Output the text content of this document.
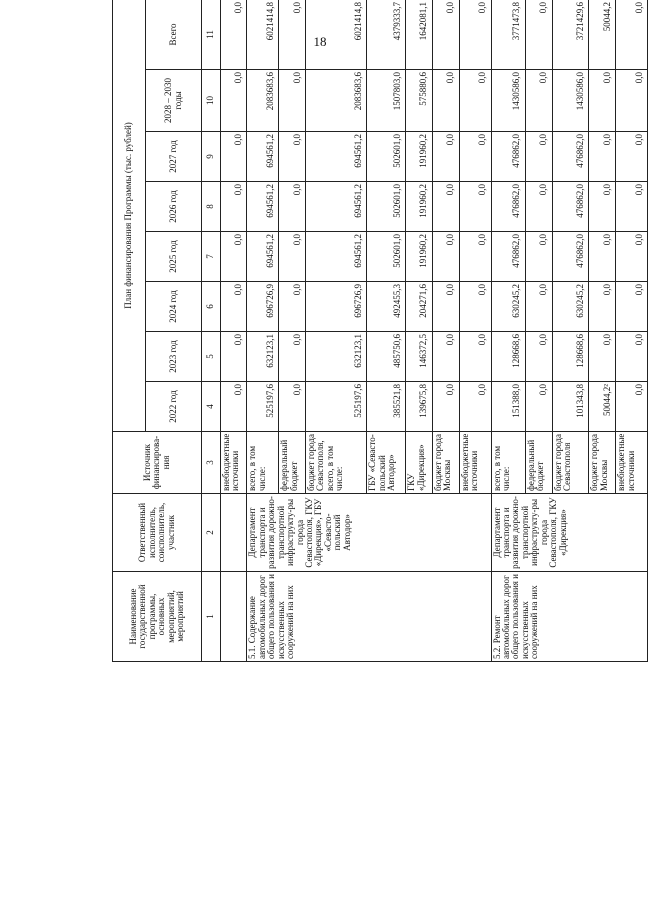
18
Наименование государственной программы, основных мероприятий, мероприятий	Ответственный исполнитель, соисполнитель, участник	Источник финансирова-ния	План финансирования Программы (тыс. рублей)							
			2022 год	2023 год	2024 год	2025 год	2026 год	2027 год	2028 – 2030 годы	Всего
1	2	3	4	5	6	7	8	9	10	11
		внебюджетные источники	0,0	0,0	0,0	0,0	0,0	0,0	0,0	0,0
5.1. Содержание автомобильных дорог общего пользования и искусственных сооружений на них	Департамент транспорта и развития дорожно-транспортной инфраструкту-ры города Севастополя, ГКУ «Дирекция», ГБУ «Севасто-польский Автодор»	всего, в том числе:	525197,6	632123,1	696726,9	694561,2	694561,2	694561,2	2083683,6	6021414,8
		федеральный бюджет	0,0	0,0	0,0	0,0	0,0	0,0	0,0	0,0
		бюджет города Севастополя, всего, в том числе:	525197,6	632123,1	696726,9	694561,2	694561,2	694561,2	2083683,6	6021414,8
		ГБУ «Севасто-польский Автодор»	385521,8	485750,6	492455,3	502601,0	502601,0	502601,0	1507803,0	4379333,7
		ГКУ «Дирекция»	139675,8	146372,5	204271,6	191960,2	191960,2	191960,2	575880,6	1642081,1
		бюджет города Москвы	0,0	0,0	0,0	0,0	0,0	0,0	0,0	0,0
		внебюджетные источники	0,0	0,0	0,0	0,0	0,0	0,0	0,0	0,0
5.2. Ремонт автомобильных дорог общего пользования и искусственных сооружений на них	Департамент транспорта и развития дорожно-транспортной инфраструкту-ры города Севастополя, ГКУ «Дирекция»	всего, в том числе:	151388,0	128668,6	630245,2	476862,0	476862,0	476862,0	1430586,0	3771473,8
		федеральный бюджет	0,0	0,0	0,0	0,0	0,0	0,0	0,0	0,0
		бюджет города Севастополя	101343,8	128668,6	630245,2	476862,0	476862,0	476862,0	1430586,0	3721429,6
		бюджет города Москвы	50044,2²	0,0	0,0	0,0	0,0	0,0	0,0	50044,2
		внебюджетные источники	0,0	0,0	0,0	0,0	0,0	0,0	0,0	0,0
